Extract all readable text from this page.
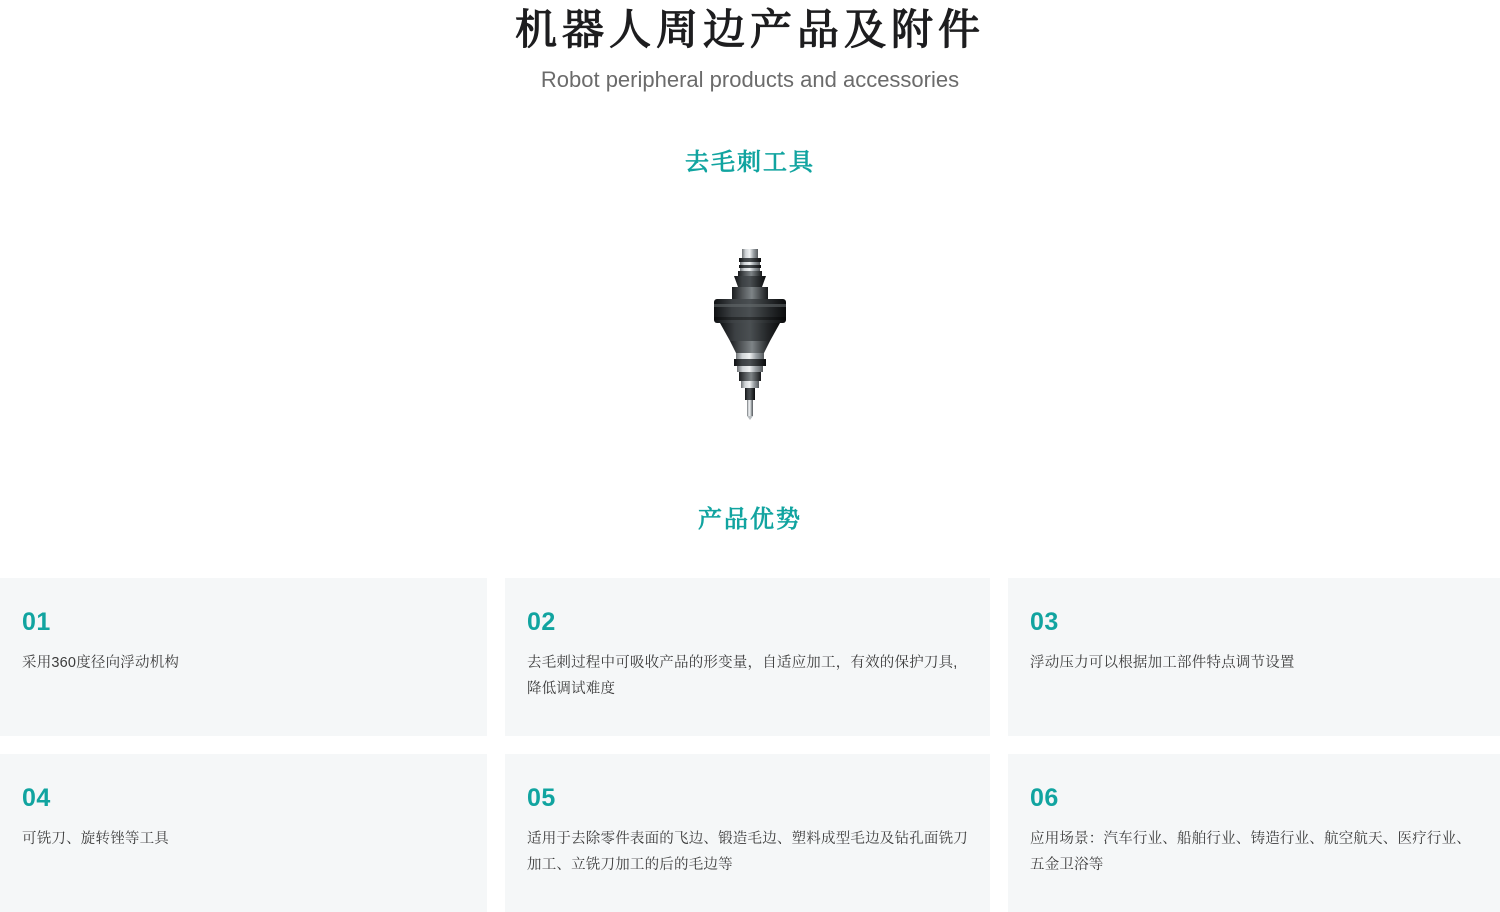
机器人周边产品及附件
Robot peripheral products and accessories
去毛刺工具
产品优势
01
采用360度径向浮动机构
02
去毛刺过程中可吸收产品的形变量，自适应加工，有效的保护刀具,降低调试难度
03
浮动压力可以根据加工部件特点调节设置
04
可铣刀、旋转锉等工具
05
适用于去除零件表面的飞边、锻造毛边、塑料成型毛边及钻孔面铣刀加工、立铣刀加工的后的毛边等
06
应用场景：汽车行业、船舶行业、铸造行业、航空航天、医疗行业、五金卫浴等
